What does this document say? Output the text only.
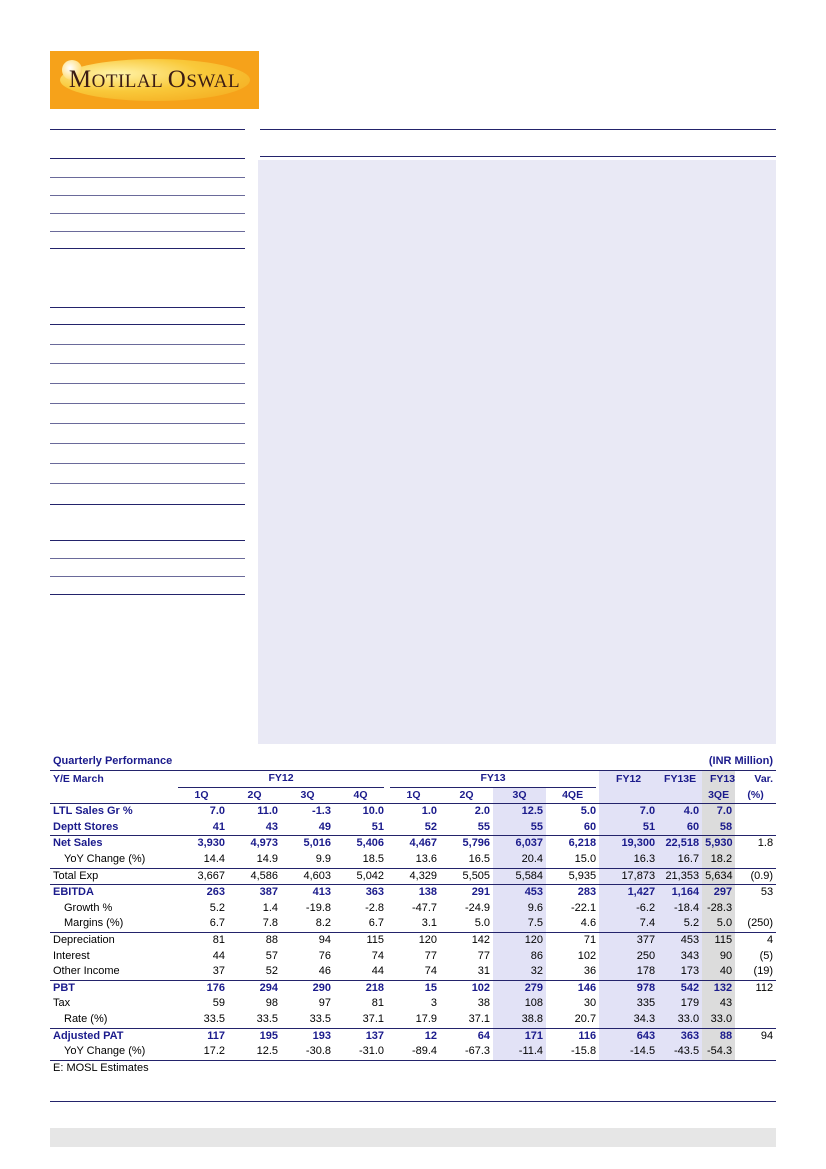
MOTILAL OSWAL
Quarterly Performance	(INR Million)
Y/E March	FY12				FY13				FY12	FY13E	FY13	Var.
	1Q	2Q	3Q	4Q	1Q	2Q	3Q	4QE			3QE	(%)
LTL Sales Gr %	7.0	11.0	-1.3	10.0	1.0	2.0	12.5	5.0	7.0	4.0	7.0	
Deptt Stores	41	43	49	51	52	55	55	60	51	60	58	
Net Sales	3,930	4,973	5,016	5,406	4,467	5,796	6,037	6,218	19,300	22,518	5,930	1.8
YoY Change (%)	14.4	14.9	9.9	18.5	13.6	16.5	20.4	15.0	16.3	16.7	18.2	
Total Exp	3,667	4,586	4,603	5,042	4,329	5,505	5,584	5,935	17,873	21,353	5,634	(0.9)
EBITDA	263	387	413	363	138	291	453	283	1,427	1,164	297	53
Growth %	5.2	1.4	-19.8	-2.8	-47.7	-24.9	9.6	-22.1	-6.2	-18.4	-28.3	
Margins (%)	6.7	7.8	8.2	6.7	3.1	5.0	7.5	4.6	7.4	5.2	5.0	(250)
Depreciation	81	88	94	115	120	142	120	71	377	453	115	4
Interest	44	57	76	74	77	77	86	102	250	343	90	(5)
Other Income	37	52	46	44	74	31	32	36	178	173	40	(19)
PBT	176	294	290	218	15	102	279	146	978	542	132	112
Tax	59	98	97	81	3	38	108	30	335	179	43	
Rate (%)	33.5	33.5	33.5	37.1	17.9	37.1	38.8	20.7	34.3	33.0	33.0	
Adjusted PAT	117	195	193	137	12	64	171	116	643	363	88	94
YoY Change (%)	17.2	12.5	-30.8	-31.0	-89.4	-67.3	-11.4	-15.8	-14.5	-43.5	-54.3	
E: MOSL Estimates
